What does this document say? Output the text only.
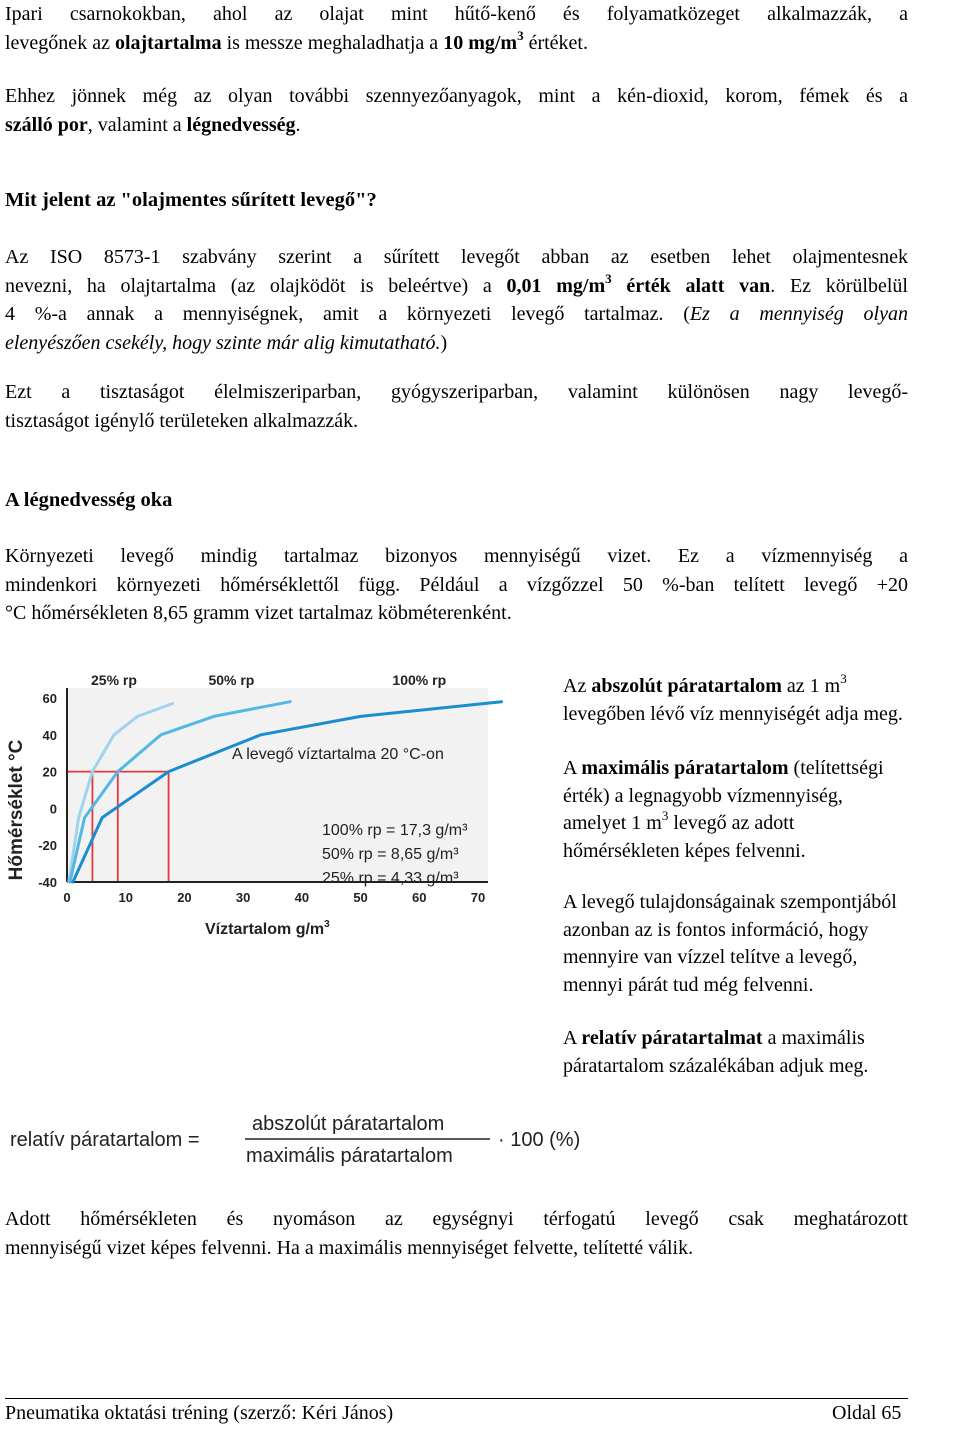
Ipari csarnokokban, ahol az olajat mint hűtő-kenő és folyamatközeget alkalmazzák, a
levegőnek az olajtartalma is messze meghaladhatja a 10 $mg/m^3$ értéket.

Ehhez jönnek még az olyan további szennyezőanyagok, mint a kén-dioxid, korom, fémek és a
szálló por, valamint a légnedvesség.

Mit jelent az "olajmentes sűrített levegő"?

Az ISO 8573-1 szabvány szerint a sűrített levegőt abban az esetben lehet olajmentesnek
nevezni, ha olajtartalma (az olajködöt is beleértve) a 0,01 $mg/m^3$ érték alatt van. Ez körülbelül
4 %-a annak a mennyiségnek, amit a környezeti levegő tartalmaz. (Ez a mennyiség olyan
elenyészően csekély, hogy szinte már alig kimutatható.)

Ezt a tisztaságot élelmiszeriparban, gyógyszeriparban, valamint különösen nagy levegő-
tisztaságot igénylő területeken alkalmazzák.

A légnedvesség oka

Környezeti levegő mindig tartalmaz bizonyos mennyiségű vizet. Ez a vízmennyiség a
mindenkori környezeti hőmérséklettől függ. Például a vízgőzzel 50 %-ban telített levegő +20
°C hőmérsékleten 8,65 gramm vizet tartalmaz köbméterenként.

25% rp	50% rp	100% rp
0	10	20	30	40	50	60	70
60
40
20
0
-20
-40
Víztartalom $g/m^3$
Hőmérséklet °C	A levegő víztartalma 20 °C-on
100% rp = 17,3 g/m³
50% rp = 8,65 g/m³
25% rp = 4,33 g/m³
Az abszolút páratartalom az 1 $m^3$
levegőben lévő víz mennyiségét adja meg.
A maximális páratartalom (telítettségi
érték) a legnagyobb vízmennyiség,
amelyet 1 $m^3$ levegő az adott
hőmérsékleten képes felvenni.
A levegő tulajdonságainak szempontjából
azonban az is fontos információ, hogy
mennyire van vízzel telítve a levegő,
mennyi párát tud még felvenni.
A relatív páratartalmat a maximális
páratartalom százalékában adjuk meg.
relatív páratartalom =
abszolút páratartalom
maximális páratartalom
· 100 (%)

Adott hőmérsékleten és nyomáson az egységnyi térfogatú levegő csak meghatározott
mennyiségű vizet képes felvenni. Ha a maximális mennyiséget felvette, telítetté válik.

Pneumatika oktatási tréning (szerző: Kéri János)	Oldal 65
